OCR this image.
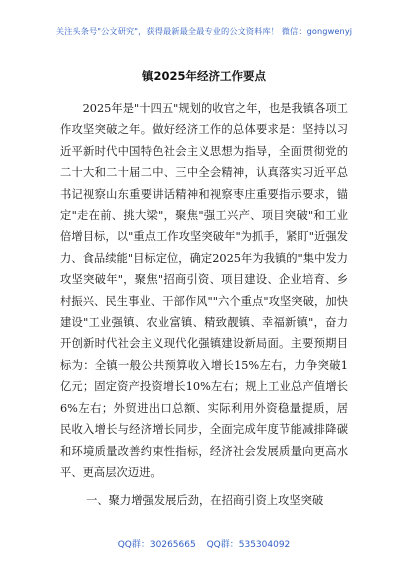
关注头条号"公文研究"，获得最新最全最专业的公文资料库！ 微信：gongwenyj
镇2025年经济工作要点

2025年是"十四五"规划的收官之年，也是我镇各项工作攻坚突破之年。做好经济工作的总体要求是：坚持以习近平新时代中国特色社会主义思想为指导，全面贯彻党的二十大和二十届二中、三中全会精神，认真落实习近平总书记视察山东重要讲话精神和视察枣庄重要指示要求，锚定"走在前、挑大梁"，聚焦"强工兴产、项目突破"和工业倍增目标，以"重点工作攻坚突破年"为抓手，紧盯"近强发力、食品续能"目标定位，确定2025年为我镇的"集中发力攻坚突破年"，聚焦"招商引资、项目建设、企业培育、乡村振兴、民生事业、干部作风""六个重点"攻坚突破，加快建设"工业强镇、农业富镇、精致靓镇、幸福新镇"，奋力开创新时代社会主义现代化强镇建设新局面。主要预期目标为：全镇一般公共预算收入增长15%左右，力争突破1亿元；固定资产投资增长10%左右；规上工业总产值增长6%左右；外贸进出口总额、实际利用外资稳量提质，居民收入增长与经济增长同步，全面完成年度节能减排降碳和环境质量改善约束性指标，经济社会发展质量向更高水平、更高层次迈进。

一、聚力增强发展后劲，在招商引资上攻坚突破
QQ群：30265665 QQ群：535304092
